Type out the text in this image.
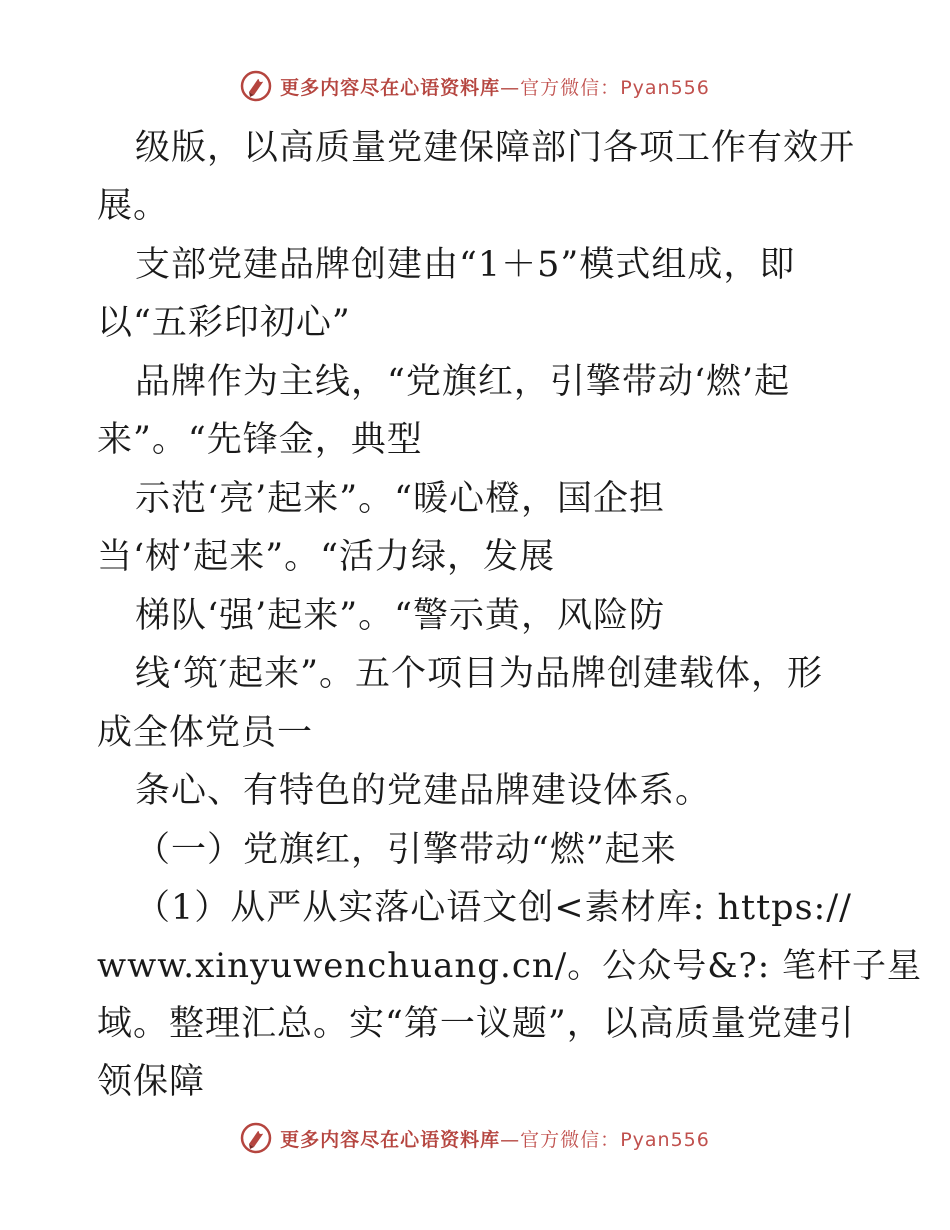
更多内容尽在心语资料库—官方微信：Pyan556
级版，以高质量党建保障部门各项工作有效开
展。
支部党建品牌创建由“1＋5”模式组成，即
以“五彩印初心”
品牌作为主线，“党旗红，引擎带动‘燃’起
来”。“先锋金，典型
示范‘亮’起来”。“暖心橙，国企担
当‘树’起来”。“活力绿，发展
梯队‘强’起来”。“警示黄，风险防
线‘筑′起来”。五个项目为品牌创建载体，形
成全体党员一
条心、有特色的党建品牌建设体系。
（一）党旗红，引擎带动“燃”起来
（1）从严从实落心语文创<素材库: https://
www.xinyuwenchuang.cn/。公众号&?: 笔杆子星
域。整理汇总。实“第一议题”，以高质量党建引
领保障
更多内容尽在心语资料库—官方微信：Pyan556
